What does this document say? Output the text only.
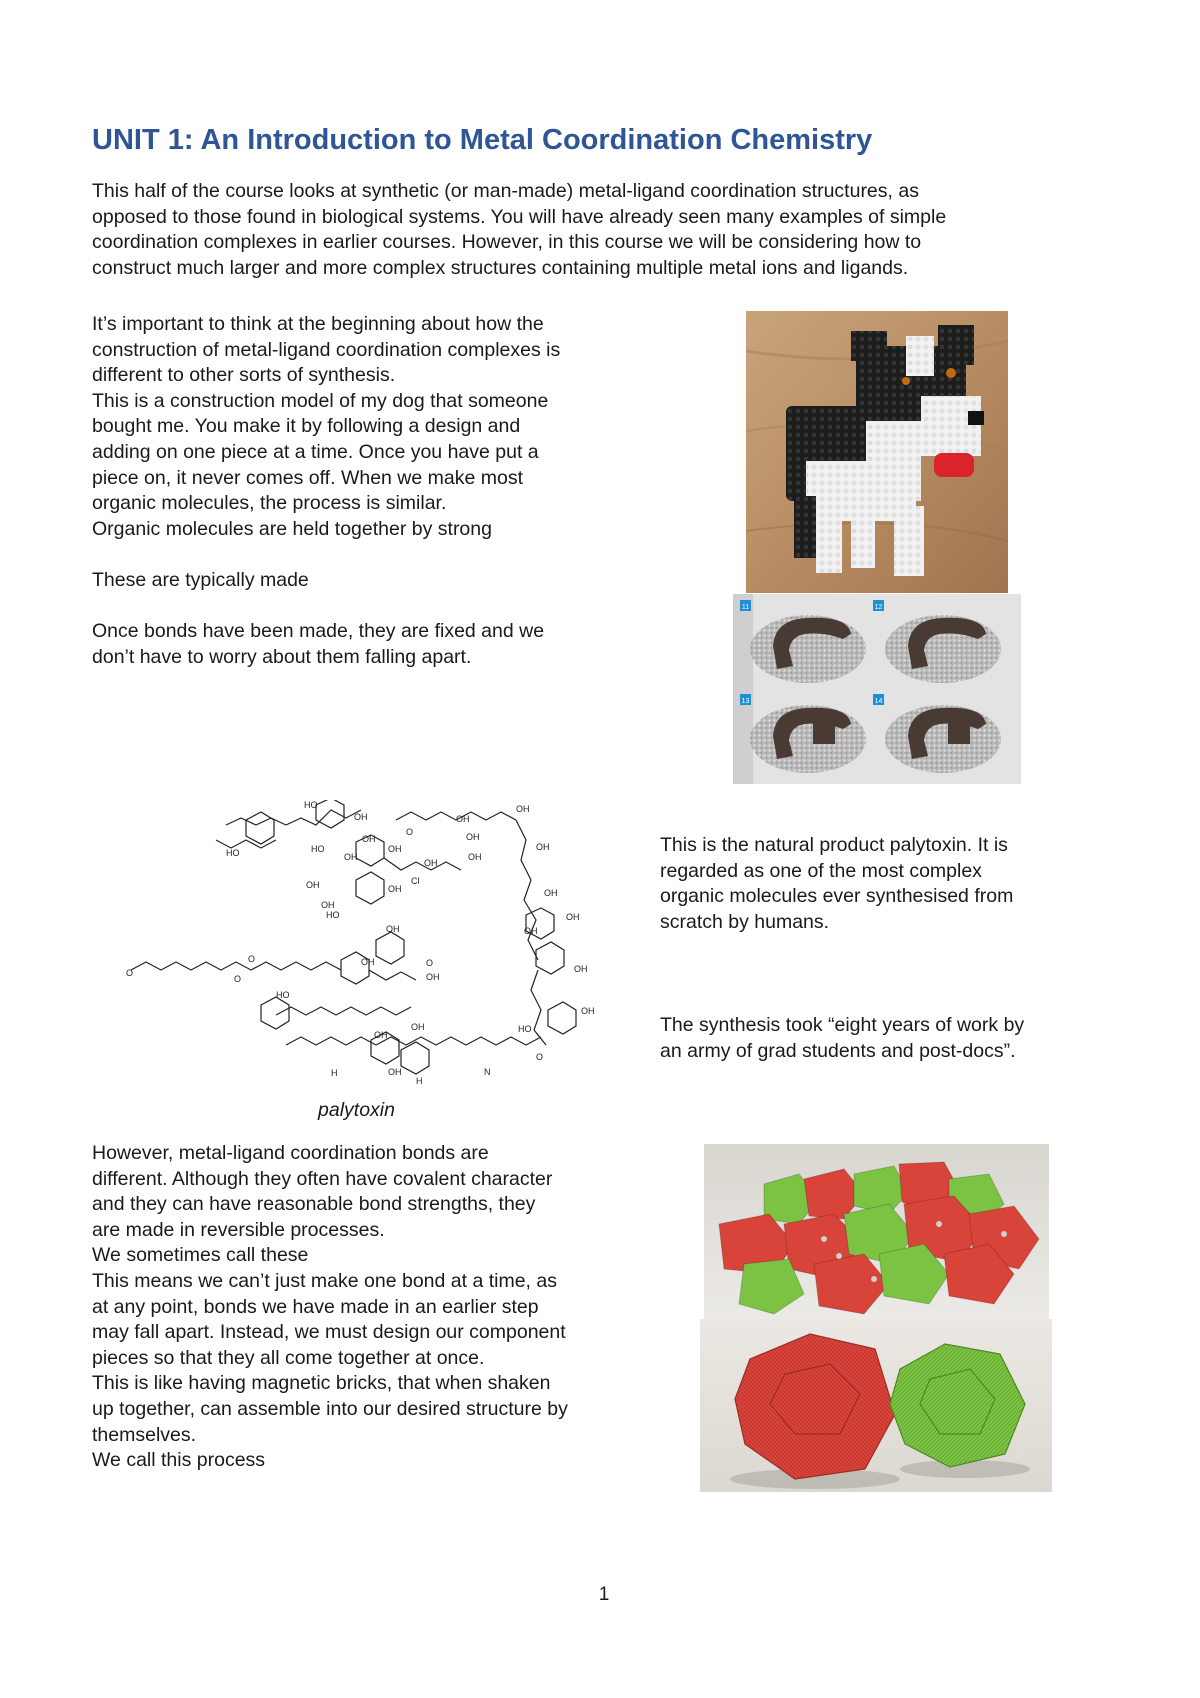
UNIT 1: An Introduction to Metal Coordination Chemistry
This half of the course looks at synthetic (or man-made) metal-ligand coordination structures, as
opposed to those found in biological systems. You will have already seen many examples of simple
coordination complexes in earlier courses. However, in this course we will be considering how to
construct much larger and more complex structures containing multiple metal ions and ligands.
It’s important to think at the beginning about how the
construction of metal-ligand coordination complexes is
different to other sorts of synthesis.
This is a construction model of my dog that someone
bought me. You make it by following a design and
adding on one piece at a time. Once you have put a
piece on, it never comes off. When we make most
organic molecules, the process is similar.
Organic molecules are held together by strong
These are typically made
Once bonds have been made, they are fixed and we
don’t have to worry about them falling apart.
11	12
13	14
OH
HO
OH
OH
OH
HO
OH
OH
OH
OH
OH
HO
OH
OH
OH
OH
OH
HO
OH
OH
Cl
OH
HO
OH
OH
OH
H
H
N
O
O
O
O
O
O
HO
OH
OH
OH
OH
palytoxin
This is the natural product palytoxin. It is
regarded as one of the most complex
organic molecules ever synthesised from
scratch by humans.
The synthesis took “eight years of work by
an army of grad students and post-docs”.
However, metal-ligand coordination bonds are
different. Although they often have covalent character
and they can have reasonable bond strengths, they
are made in reversible processes.
We sometimes call these
This means we can’t just make one bond at a time, as
at any point, bonds we have made in an earlier step
may fall apart. Instead, we must design our component
pieces so that they all come together at once.
This is like having magnetic bricks, that when shaken
up together, can assemble into our desired structure by
themselves.
We call this process
1
